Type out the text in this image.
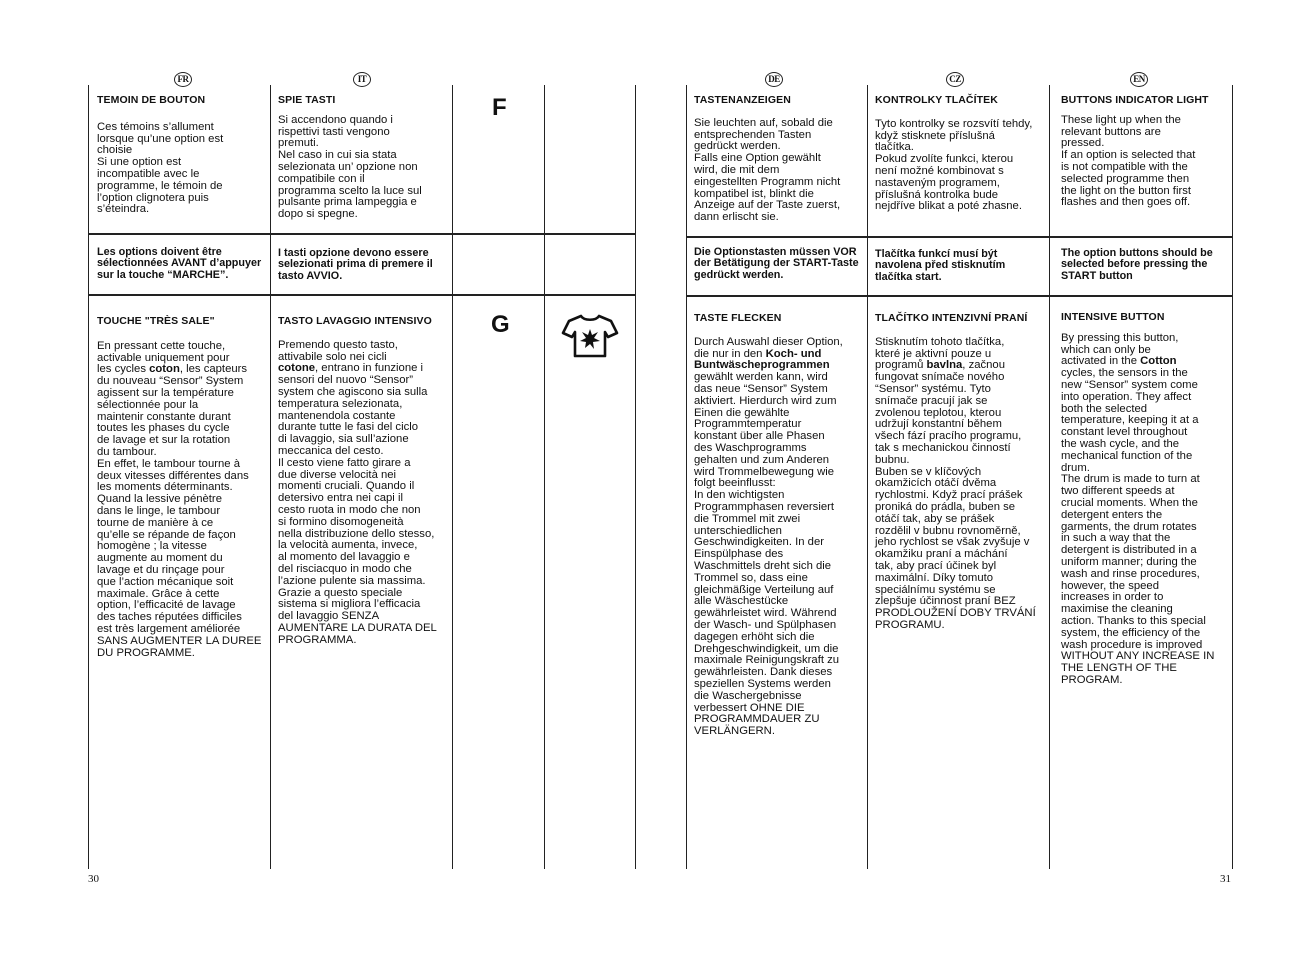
FR	IT	DE	CZ	EN
TEMOIN DE BOUTON

Ces témoins s’allument

lorsque qu’une option est

choisie

Si une option est

incompatible avec le

programme, le témoin de

l’option clignotera puis

s’éteindra.

Les options doivent être sélectionnées AVANT d’appuyer sur la touche “MARCHE”.
TOUCHE "TRÈS SALE"

En pressant cette touche,

activable uniquement pour

les cycles coton, les capteurs

du nouveau “Sensor” System

agissent sur la température

sélectionnée pour la

maintenir constante durant

toutes les phases du cycle

de lavage et sur la rotation

du tambour.

En effet, le tambour tourne à

deux vitesses différentes dans

les moments déterminants.

Quand la lessive pénètre

dans le linge, le tambour

tourne de manière à ce

qu’elle se répande de façon

homogène ; la vitesse

augmente au moment du

lavage et du rinçage pour

que l’action mécanique soit

maximale. Grâce à cette

option, l’efficacité de lavage

des taches réputées difficiles

est très largement améliorée

SANS AUGMENTER LA DUREE

DU PROGRAMME.

SPIE TASTI

Si accendono quando i

rispettivi tasti vengono

premuti.

Nel caso in cui sia stata

selezionata un’ opzione non

compatibile con il

programma scelto la luce sul

pulsante prima lampeggia e

dopo si spegne.

I tasti opzione devono essere selezionati prima di premere il tasto AVVIO.
TASTO LAVAGGIO INTENSIVO

Premendo questo tasto,

attivabile solo nei cicli

cotone, entrano in funzione i

sensori del nuovo “Sensor”

system che agiscono sia sulla

temperatura selezionata,

mantenendola costante

durante tutte le fasi del ciclo

di lavaggio, sia sull’azione

meccanica del cesto.

Il cesto viene fatto girare a

due diverse velocità nei

momenti cruciali. Quando il

detersivo entra nei capi il

cesto ruota in modo che non

si formino disomogeneità

nella distribuzione dello stesso,

la velocità aumenta, invece,

al momento del lavaggio e

del risciacquo in modo che

l’azione pulente sia massima.

Grazie a questo speciale

sistema si migliora l’efficacia

del lavaggio SENZA

AUMENTARE LA DURATA DEL

PROGRAMMA.

F
G
TASTENANZEIGEN

Sie leuchten auf, sobald die

entsprechenden Tasten

gedrückt werden.

Falls eine Option gewählt

wird, die mit dem

eingestellten Programm nicht

kompatibel ist, blinkt die

Anzeige auf der Taste zuerst,

dann erlischt sie.

Die Optionstasten müssen VOR der Betätigung der START-Taste gedrückt werden.
TASTE FLECKEN

Durch Auswahl dieser Option,

die nur in den Koch- und

Buntwäscheprogrammen

gewählt werden kann, wird

das neue “Sensor” System

aktiviert. Hierdurch wird zum

Einen die gewählte

Programmtemperatur

konstant über alle Phasen

des Waschprogramms

gehalten und zum Anderen

wird Trommelbewegung wie

folgt beeinflusst:

In den wichtigsten

Programmphasen reversiert

die Trommel mit zwei

unterschiedlichen

Geschwindigkeiten. In der

Einspülphase des

Waschmittels dreht sich die

Trommel so, dass eine

gleichmäßige Verteilung auf

alle Wäschestücke

gewährleistet wird. Während

der Wasch- und Spülphasen

dagegen erhöht sich die

Drehgeschwindigkeit, um die

maximale Reinigungskraft zu

gewährleisten. Dank dieses

speziellen Systems werden

die Waschergebnisse

verbessert OHNE DIE

PROGRAMMDAUER ZU

VERLÄNGERN.

KONTROLKY TLAČÍTEK

Tyto kontrolky se rozsvítí tehdy,

když stisknete příslušná

tlačítka.

Pokud zvolíte funkci, kterou

není možné kombinovat s

nastaveným programem,

příslušná kontrolka bude

nejdříve blikat a poté zhasne.

Tlačítka funkcí musí být navolena před stisknutím tlačítka start.
TLAČÍTKO INTENZIVNÍ PRANÍ

Stisknutím tohoto tlačítka,

které je aktivní pouze u

programů bavlna, začnou

fungovat snímače nového

“Sensor” systému. Tyto

snímače pracují jak se

zvolenou teplotou, kterou

udržují konstantní během

všech fází pracího programu,

tak s mechanickou činností

bubnu.

Buben se v klíčových

okamžicích otáčí dvěma

rychlostmi. Když prací prášek

proniká do prádla, buben se

otáčí tak, aby se prášek

rozdělil v bubnu rovnoměrně,

jeho rychlost se však zvyšuje v

okamžiku praní a máchání

tak, aby prací účinek byl

maximální. Díky tomuto

speciálnímu systému se

zlepšuje účinnost praní BEZ

PRODLOUŽENÍ DOBY TRVÁNÍ

PROGRAMU.

BUTTONS INDICATOR LIGHT

These light up when the

relevant buttons are

pressed.

If an option is selected that

is not compatible with the

selected programme then

the light on the button first

flashes and then goes off.

The option buttons should be selected before pressing the START button
INTENSIVE BUTTON

By pressing this button,

which can only be

activated in the Cotton

cycles, the sensors in the

new “Sensor” system come

into operation. They affect

both the selected

temperature, keeping it at a

constant level throughout

the wash cycle, and the

mechanical function of the

drum.

The drum is made to turn at

two different speeds at

crucial moments. When the

detergent enters the

garments, the drum rotates

in such a way that the

detergent is distributed in a

uniform manner; during the

wash and rinse procedures,

however, the speed

increases in order to

maximise the cleaning

action. Thanks to this special

system, the efficiency of the

wash procedure is improved

WITHOUT ANY INCREASE IN

THE LENGTH OF THE

PROGRAM.

30	31
